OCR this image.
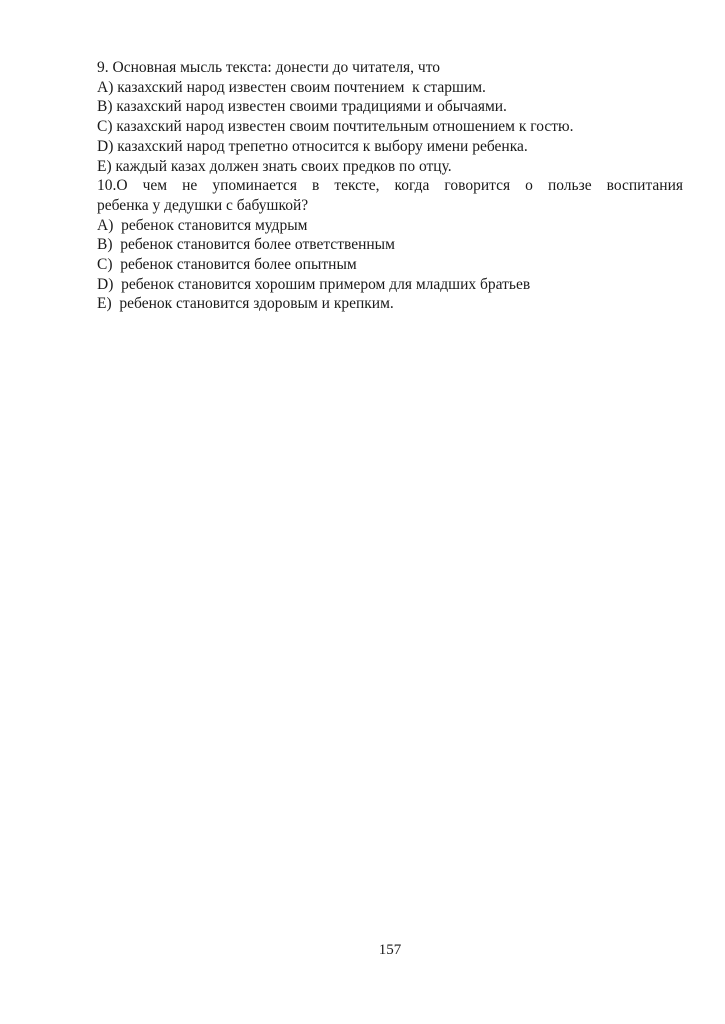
9. Основная мысль текста: донести до читателя, что

А) казахский народ известен своим почтением  к старшим.

В) казахский народ известен своими традициями и обычаями.

С) казахский народ известен своим почтительным отношением к гостю.

D) казахский народ трепетно относится к выбору имени ребенка.

Е) каждый казах должен знать своих предков по отцу.

10.О чем не упоминается в тексте, когда говорится о пользе воспитания

ребенка у дедушки с бабушкой?

А)  ребенок становится мудрым

В)  ребенок становится более ответственным

С)  ребенок становится более опытным

D)  ребенок становится хорошим примером для младших братьев

Е)  ребенок становится здоровым и крепким.

157
